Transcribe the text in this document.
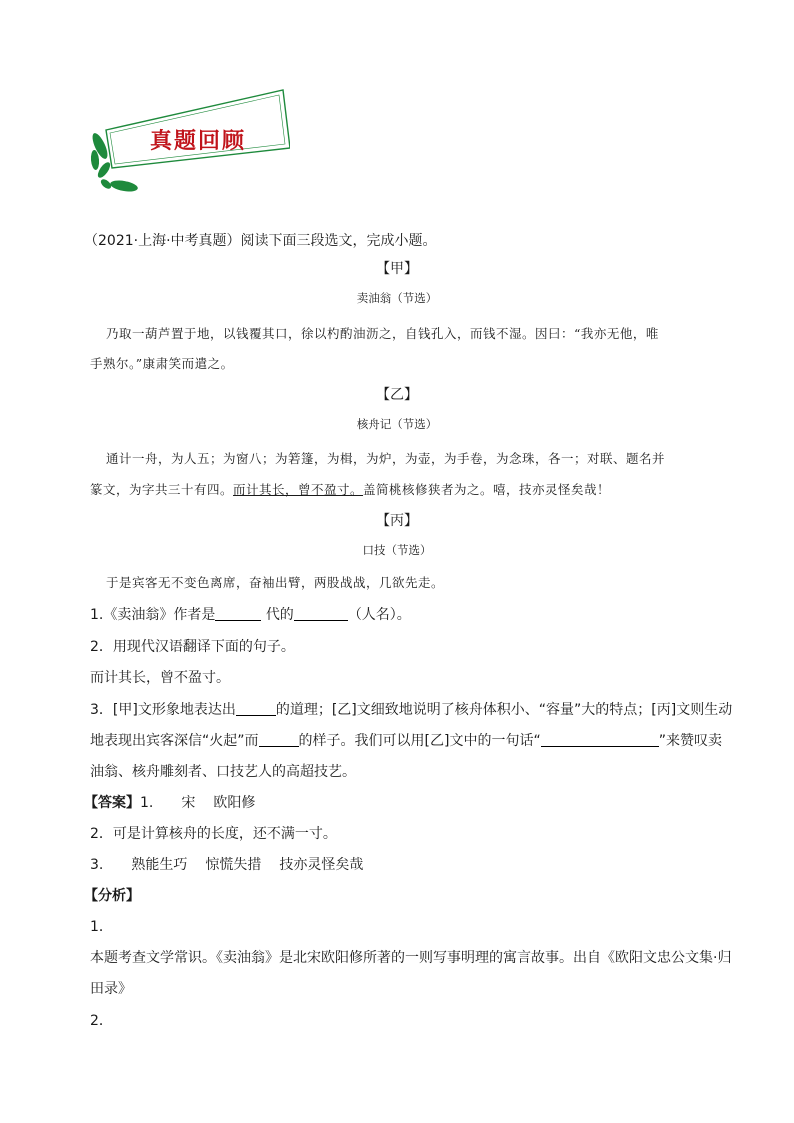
真题回顾
（2021·上海·中考真题）阅读下面三段选文，完成小题。
【甲】
卖油翁（节选）
乃取一葫芦置于地，以钱覆其口，徐以杓酌油沥之，自钱孔入，而钱不湿。因曰：“我亦无他，唯
手熟尔。”康肃笑而遣之。
【乙】
核舟记（节选）
通计一舟，为人五；为窗八；为箬篷，为楫，为炉，为壶，为手卷，为念珠，各一；对联、题名并
篆文，为字共三十有四。而计其长，曾不盈寸。盖简桃核修狭者为之。嘻，技亦灵怪矣哉！
【丙】
口技（节选）
于是宾客无不变色离席，奋袖出臂，两股战战，几欲先走。
1.《卖油翁》作者是	代的	（人名）。
2．用现代汉语翻译下面的句子。
而计其长，曾不盈寸。
3．[甲]文形象地表达出	的道理；[乙]文细致地说明了核舟体积小、“容量”大的特点；[丙]文则生动
地表现出宾客深信“火起”而	的样子。我们可以用[乙]文中的一句话“	”来赞叹卖
油翁、核舟雕刻者、口技艺人的高超技艺。
【答案】1. 宋 欧阳修
2．可是计算核舟的长度，还不满一寸。
3. 熟能生巧 惊慌失措 技亦灵怪矣哉
【分析】
1．
本题考查文学常识。《卖油翁》是北宋欧阳修所著的一则写事明理的寓言故事。出自《欧阳文忠公文集·归
田录》
2．
